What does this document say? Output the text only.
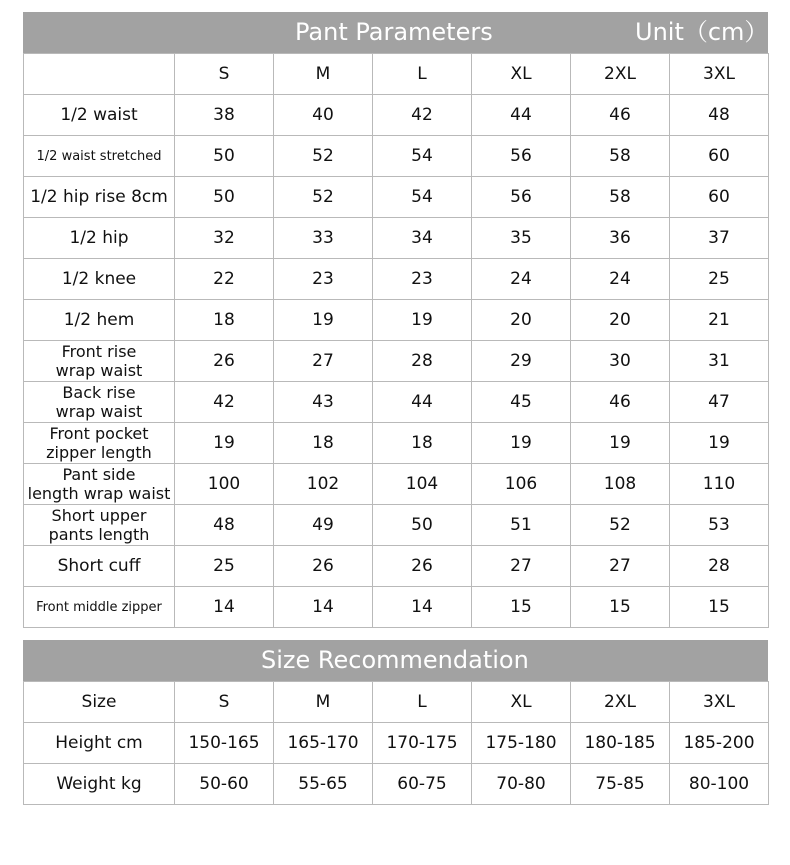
Pant Parameters	Unit（cm）
	S	M	L	XL	2XL	3XL
1/2 waist	38	40	42	44	46	48
1/2 waist stretched	50	52	54	56	58	60
1/2 hip rise 8cm	50	52	54	56	58	60
1/2 hip	32	33	34	35	36	37
1/2 knee	22	23	23	24	24	25
1/2 hem	18	19	19	20	20	21
Front rise
wrap waist	26	27	28	29	30	31
Back rise
wrap waist	42	43	44	45	46	47
Front pocket
zipper length	19	18	18	19	19	19
Pant side
length wrap waist	100	102	104	106	108	110
Short upper
pants length	48	49	50	51	52	53
Short cuff	25	26	26	27	27	28
Front middle zipper	14	14	14	15	15	15
Size Recommendation
Size	S	M	L	XL	2XL	3XL
Height cm	150-165	165-170	170-175	175-180	180-185	185-200
Weight kg	50-60	55-65	60-75	70-80	75-85	80-100
